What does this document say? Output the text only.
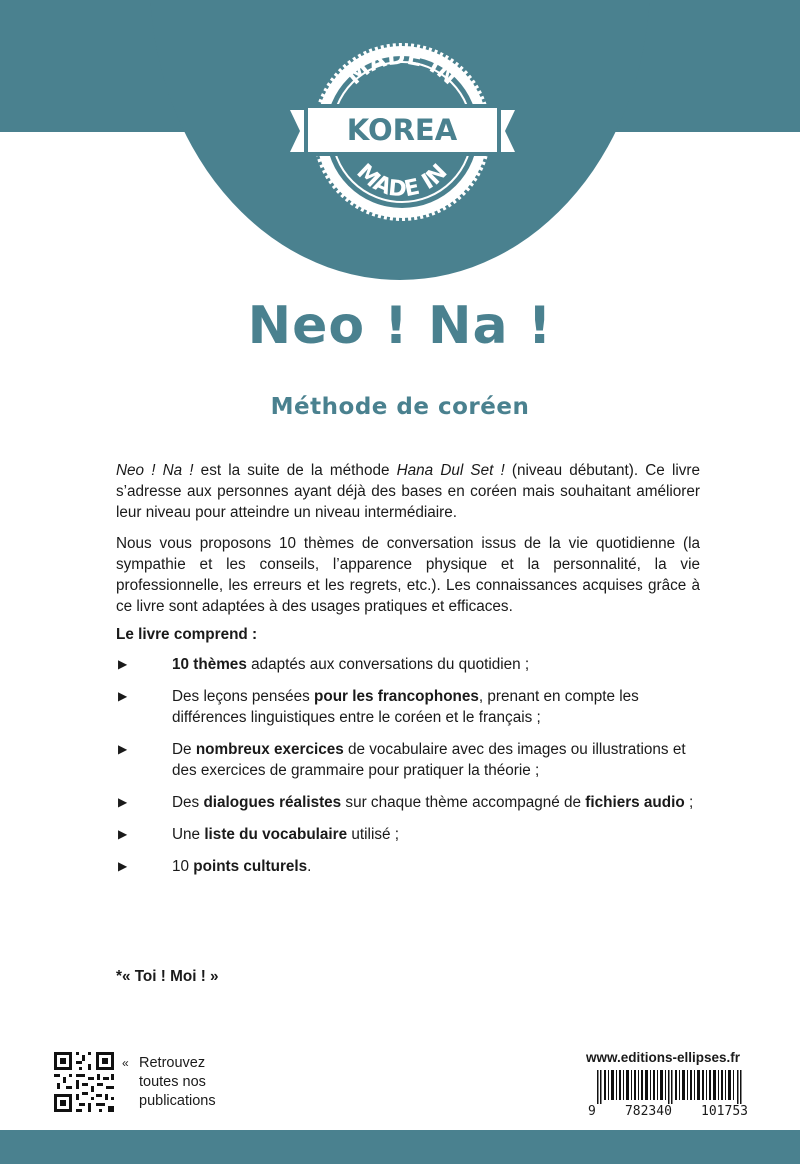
MADE IN
MADE IN
KOREA
Neo ! Na !
Méthode de coréen

Neo ! Na ! est la suite de la méthode Hana Dul Set ! (niveau débutant). Ce livre s’adresse aux personnes ayant déjà des bases en coréen mais souhaitant améliorer leur niveau pour atteindre un niveau intermédiaire.

Nous vous proposons 10 thèmes de conversation issus de la vie quotidienne (la sympathie et les conseils, l’apparence physique et la personnalité, la vie professionnelle, les erreurs et les regrets, etc.). Les connaissances acquises grâce à ce livre sont adaptées à des usages pratiques et efficaces.

Le livre comprend :
▶	10 thèmes adaptés aux conversations du quotidien ;
▶	Des leçons pensées pour les francophones, prenant en compte les différences linguistiques entre le coréen et le français ;
▶	De nombreux exercices de vocabulaire avec des images ou illustrations et des exercices de grammaire pour pratiquer la théorie ;
▶	Des dialogues réalistes sur chaque thème accompagné de fichiers audio ;
▶	Une liste du vocabulaire utilisé ;
▶	10 points culturels.
*« Toi ! Moi ! »
« Retrouvez
toutes nos
publications
www.editions-ellipses.fr
9 782340 101753
